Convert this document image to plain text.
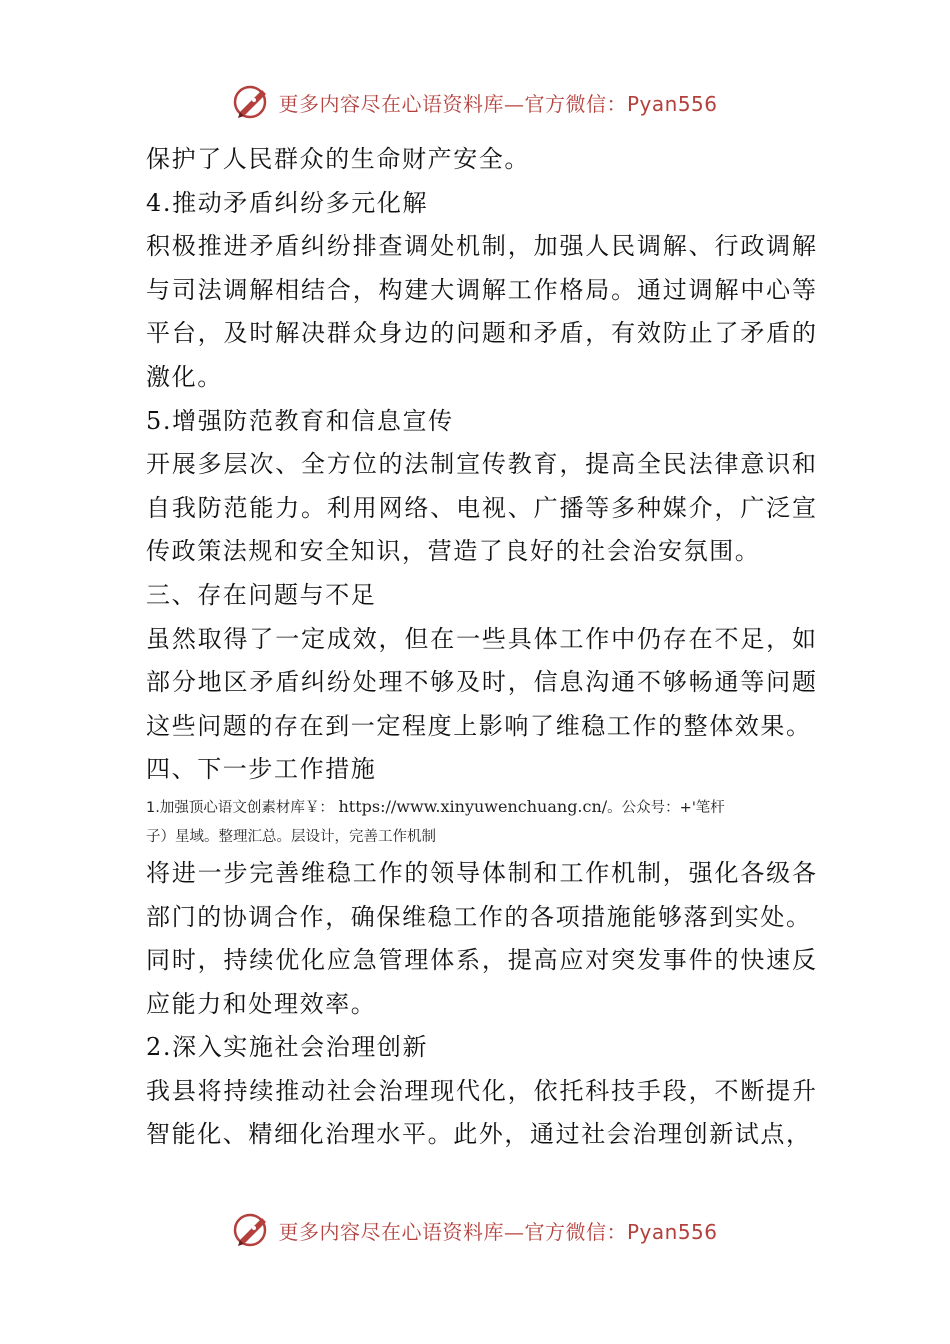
更多内容尽在心语资料库—官方微信：Pyan556
保护了人民群众的生命财产安全。
4.推动矛盾纠纷多元化解
积极推进矛盾纠纷排查调处机制，加强人民调解、行政调解
与司法调解相结合，构建大调解工作格局。通过调解中心等
平台，及时解决群众身边的问题和矛盾，有效防止了矛盾的
激化。
5.增强防范教育和信息宣传
开展多层次、全方位的法制宣传教育，提高全民法律意识和
自我防范能力。利用网络、电视、广播等多种媒介，广泛宣
传政策法规和安全知识，营造了良好的社会治安氛围。
三、存在问题与不足
虽然取得了一定成效，但在一些具体工作中仍存在不足，如
部分地区矛盾纠纷处理不够及时，信息沟通不够畅通等问题
这些问题的存在到一定程度上影响了维稳工作的整体效果。
四、下一步工作措施
1.加强顶心语文创素材库￥： https://www.xinyuwenchuang.cn/。公众号：+'笔杆
子）星域。整理汇总。层设计，完善工作机制
将进一步完善维稳工作的领导体制和工作机制，强化各级各
部门的协调合作，确保维稳工作的各项措施能够落到实处。
同时，持续优化应急管理体系，提高应对突发事件的快速反
应能力和处理效率。
2.深入实施社会治理创新
我县将持续推动社会治理现代化，依托科技手段，不断提升
智能化、精细化治理水平。此外，通过社会治理创新试点，
更多内容尽在心语资料库—官方微信：Pyan556
